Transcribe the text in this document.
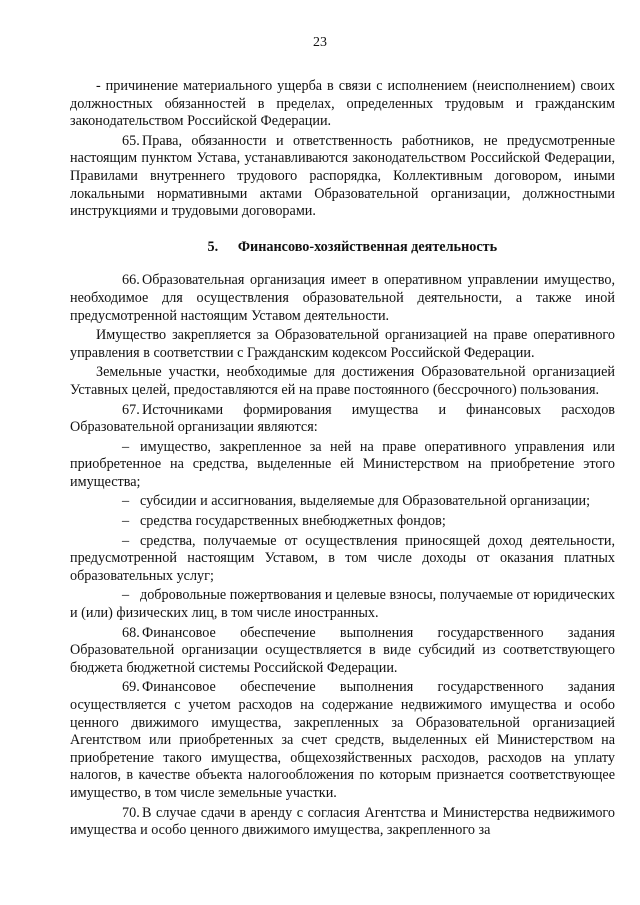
23

- причинение материального ущерба в связи с исполнением (неисполнением) своих должностных обязанностей в пределах, определенных трудовым и гражданским законодательством Российской Федерации.

65. Права, обязанности и ответственность работников, не предусмотренные настоящим пунктом Устава, устанавливаются законодательством Российской Федерации, Правилами внутреннего трудового распорядка, Коллективным договором, иными локальными нормативными актами Образовательной организации, должностными инструкциями и трудовыми договорами.

5. Финансово-хозяйственная деятельность

66. Образовательная организация имеет в оперативном управлении имущество, необходимое для осуществления образовательной деятельности, а также иной предусмотренной настоящим Уставом деятельности.

Имущество закрепляется за Образовательной организацией на праве оперативного управления в соответствии с Гражданским кодексом Российской Федерации.

Земельные участки, необходимые для достижения Образовательной организацией Уставных целей, предоставляются ей на праве постоянного (бессрочного) пользования.

67. Источниками формирования имущества и финансовых расходов Образовательной организации являются:

– имущество, закрепленное за ней на праве оперативного управления или приобретенное на средства, выделенные ей Министерством на приобретение этого имущества;

– субсидии и ассигнования, выделяемые для Образовательной организации;

– средства государственных внебюджетных фондов;

– средства, получаемые от осуществления приносящей доход деятельности, предусмотренной настоящим Уставом, в том числе доходы от оказания платных образовательных услуг;

– добровольные пожертвования и целевые взносы, получаемые от юридических и (или) физических лиц, в том числе иностранных.

68. Финансовое обеспечение выполнения государственного задания Образовательной организации осуществляется в виде субсидий из соответствующего бюджета бюджетной системы Российской Федерации.

69. Финансовое обеспечение выполнения государственного задания осуществляется с учетом расходов на содержание недвижимого имущества и особо ценного движимого имущества, закрепленных за Образовательной организацией Агентством или приобретенных за счет средств, выделенных ей Министерством на приобретение такого имущества, общехозяйственных расходов, расходов на уплату налогов, в качестве объекта налогообложения по которым признается соответствующее имущество, в том числе земельные участки.

70. В случае сдачи в аренду с согласия Агентства и Министерства недвижимого имущества и особо ценного движимого имущества, закрепленного за
